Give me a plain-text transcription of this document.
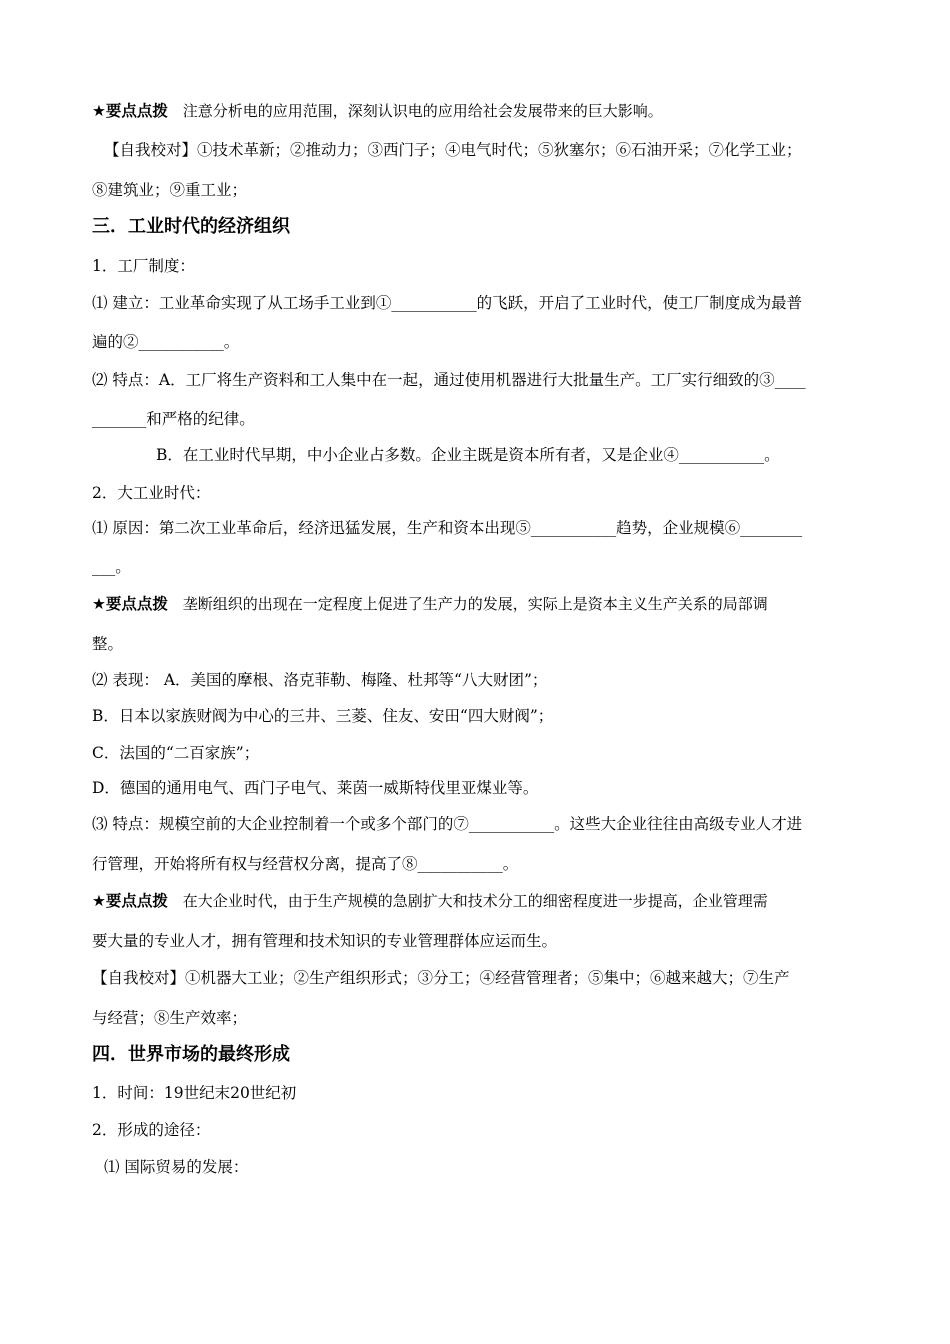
★要点点拨 注意分析电的应用范围，深刻认识电的应用给社会发展带来的巨大影响。
【自我校对】①技术革新；②推动力；③西门子；④电气时代；⑤狄塞尔；⑥石油开采；⑦化学工业；
⑧建筑业；⑨重工业；
三．工业时代的经济组织
1．工厂制度：
⑴ 建立：工业革命实现了从工场手工业到①___________的飞跃，开启了工业时代，使工厂制度成为最普
遍的②___________。
⑵ 特点：A．工厂将生产资料和工人集中在一起，通过使用机器进行大批量生产。工厂实行细致的③____
_______和严格的纪律。
B．在工业时代早期，中小企业占多数。企业主既是资本所有者，又是企业④___________。
2．大工业时代：
⑴ 原因：第二次工业革命后，经济迅猛发展，生产和资本出现⑤___________趋势，企业规模⑥________
___。
★要点点拨 垄断组织的出现在一定程度上促进了生产力的发展，实际上是资本主义生产关系的局部调
整。
⑵ 表现： A．美国的摩根、洛克菲勒、梅隆、杜邦等“八大财团”；
B．日本以家族财阀为中心的三井、三菱、住友、安田“四大财阀”；
C．法国的“二百家族”；
D．德国的通用电气、西门子电气、莱茵一威斯特伐里亚煤业等。
⑶ 特点：规模空前的大企业控制着一个或多个部门的⑦___________。这些大企业往往由高级专业人才进
行管理，开始将所有权与经营权分离，提高了⑧___________。
★要点点拨 在大企业时代，由于生产规模的急剧扩大和技术分工的细密程度进一步提高，企业管理需
要大量的专业人才，拥有管理和技术知识的专业管理群体应运而生。
【自我校对】①机器大工业；②生产组织形式；③分工；④经营管理者；⑤集中；⑥越来越大；⑦生产
与经营；⑧生产效率；
四．世界市场的最终形成
1．时间：19世纪末20世纪初
2．形成的途径：
⑴ 国际贸易的发展：
